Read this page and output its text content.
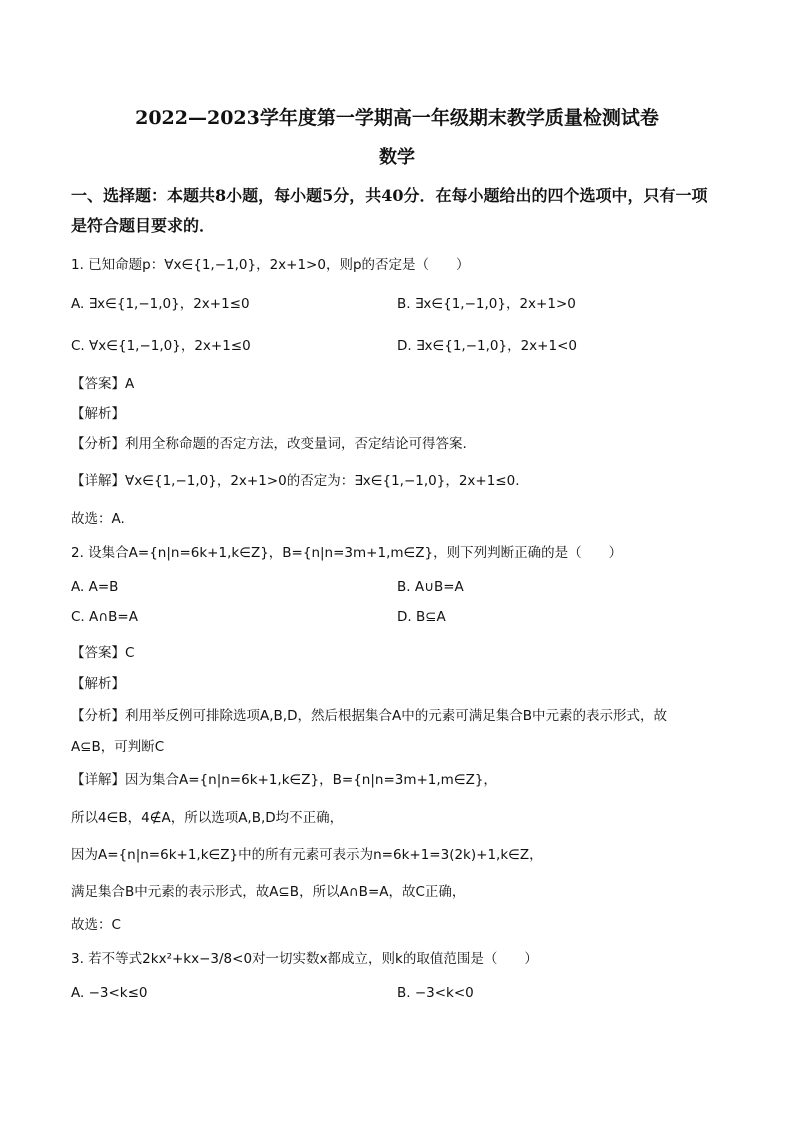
2022—2023学年度第一学期高一年级期末教学质量检测试卷
数学
一、选择题：本题共8小题，每小题5分，共40分．在每小题给出的四个选项中，只有一项
是符合题目要求的．
1. 已知命题p：∀x∈{1,−1,0}，2x+1>0，则p的否定是（　　）
A. ∃x∈{1,−1,0}，2x+1≤0	B. ∃x∈{1,−1,0}，2x+1>0
C. ∀x∈{1,−1,0}，2x+1≤0	D. ∃x∈{1,−1,0}，2x+1<0
【答案】A
【解析】
【分析】利用全称命题的否定方法，改变量词，否定结论可得答案.
【详解】∀x∈{1,−1,0}，2x+1>0的否定为：∃x∈{1,−1,0}，2x+1≤0.
故选：A.
2. 设集合A={n|n=6k+1,k∈Z}，B={n|n=3m+1,m∈Z}，则下列判断正确的是（　　）
A. A=B	B. A∪B=A
C. A∩B=A	D. B⊆A
【答案】C
【解析】
【分析】利用举反例可排除选项A,B,D，然后根据集合A中的元素可满足集合B中元素的表示形式，故
A⊆B，可判断C
【详解】因为集合A={n|n=6k+1,k∈Z}，B={n|n=3m+1,m∈Z}，
所以4∈B，4∉A，所以选项A,B,D均不正确，
因为A={n|n=6k+1,k∈Z}中的所有元素可表示为n=6k+1=3(2k)+1,k∈Z，
满足集合B中元素的表示形式，故A⊆B，所以A∩B=A，故C正确，
故选：C
3. 若不等式2kx²+kx−3/8<0对一切实数x都成立，则k的取值范围是（　　）
A. −3<k≤0	B. −3<k<0
